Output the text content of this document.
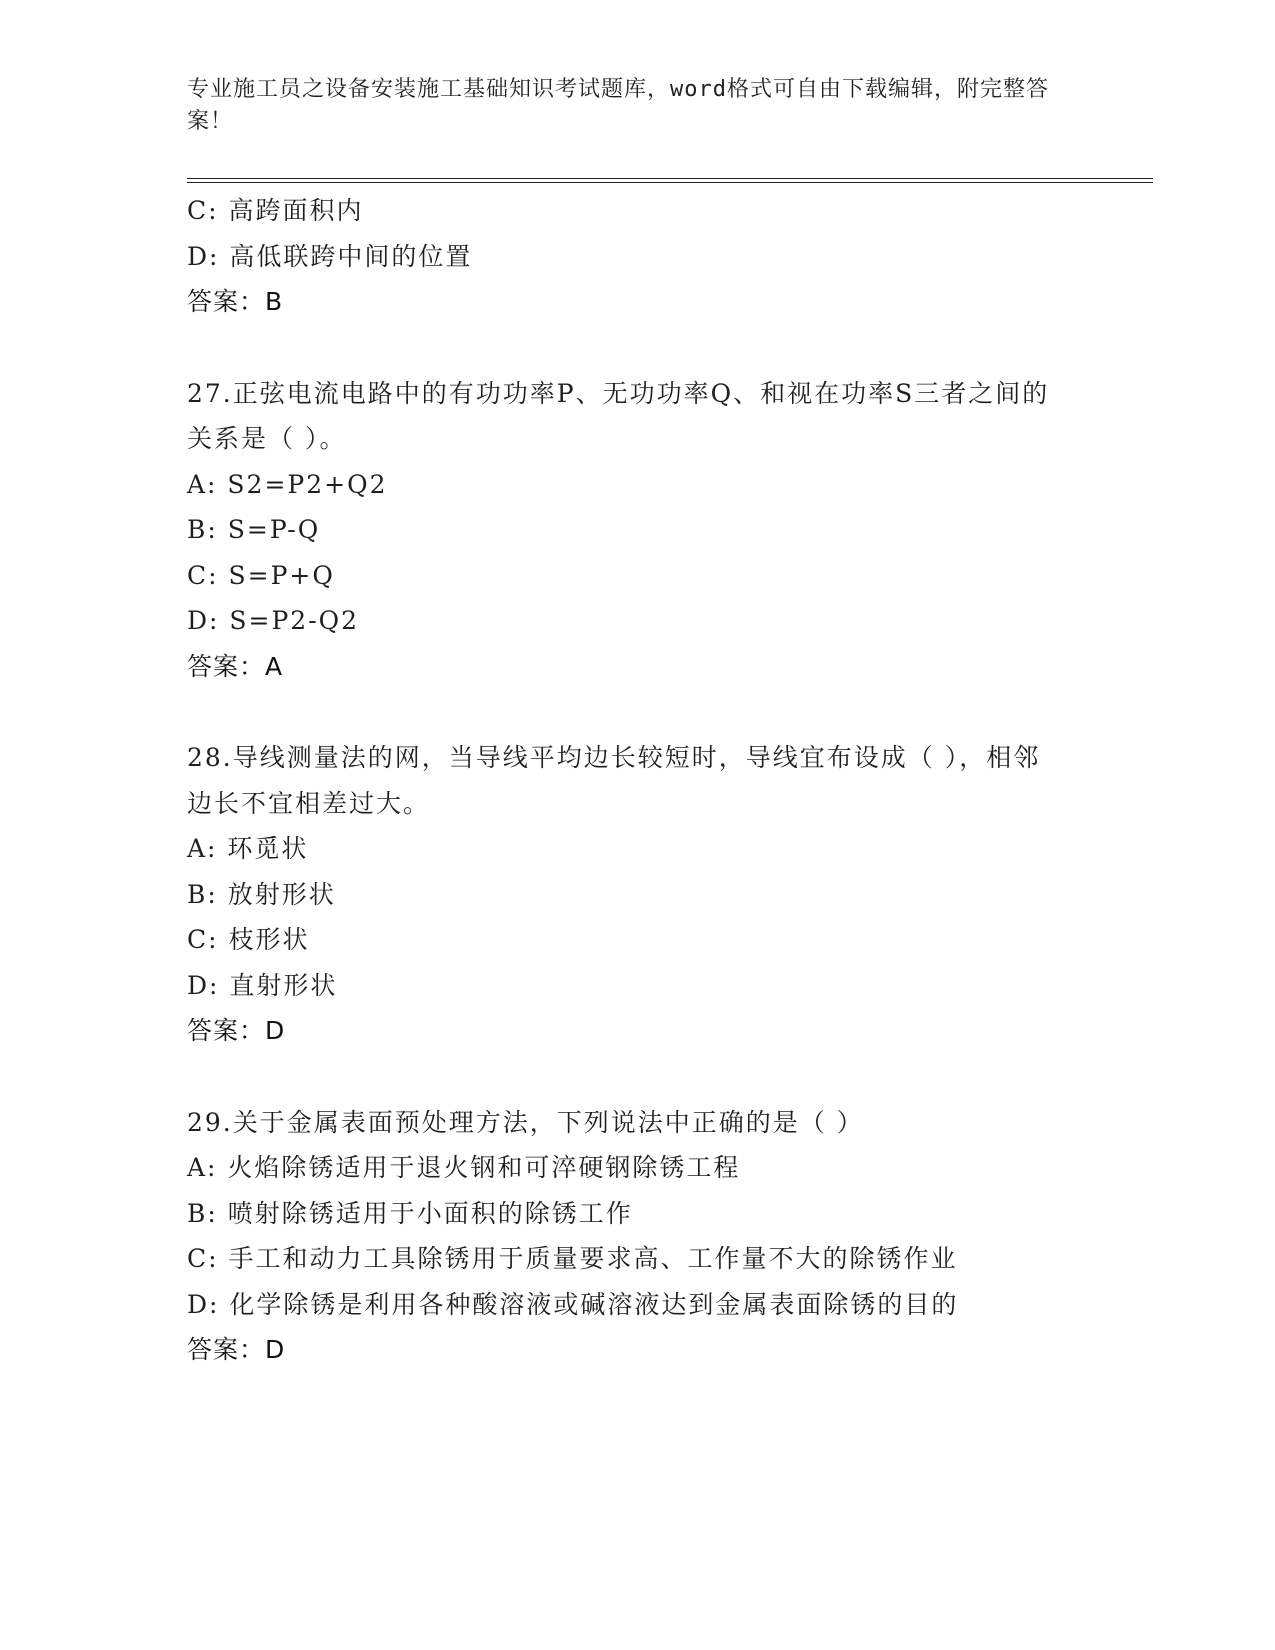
专业施工员之设备安装施工基础知识考试题库，word格式可自由下载编辑，附完整答案！
C: 高跨面积内
D: 高低联跨中间的位置
答案：B
27.正弦电流电路中的有功功率P、无功功率Q、和视在功率S三者之间的关系是（ ）。
A: S2=P2+Q2
B: S=P-Q
C: S=P+Q
D: S=P2-Q2
答案：A
28.导线测量法的网，当导线平均边长较短时，导线宜布设成（ ），相邻边长不宜相差过大。
A: 环觅状
B: 放射形状
C: 枝形状
D: 直射形状
答案：D
29.关于金属表面预处理方法，下列说法中正确的是（ ）
A: 火焰除锈适用于退火钢和可淬硬钢除锈工程
B: 喷射除锈适用于小面积的除锈工作
C: 手工和动力工具除锈用于质量要求高、工作量不大的除锈作业
D: 化学除锈是利用各种酸溶液或碱溶液达到金属表面除锈的目的
答案：D
